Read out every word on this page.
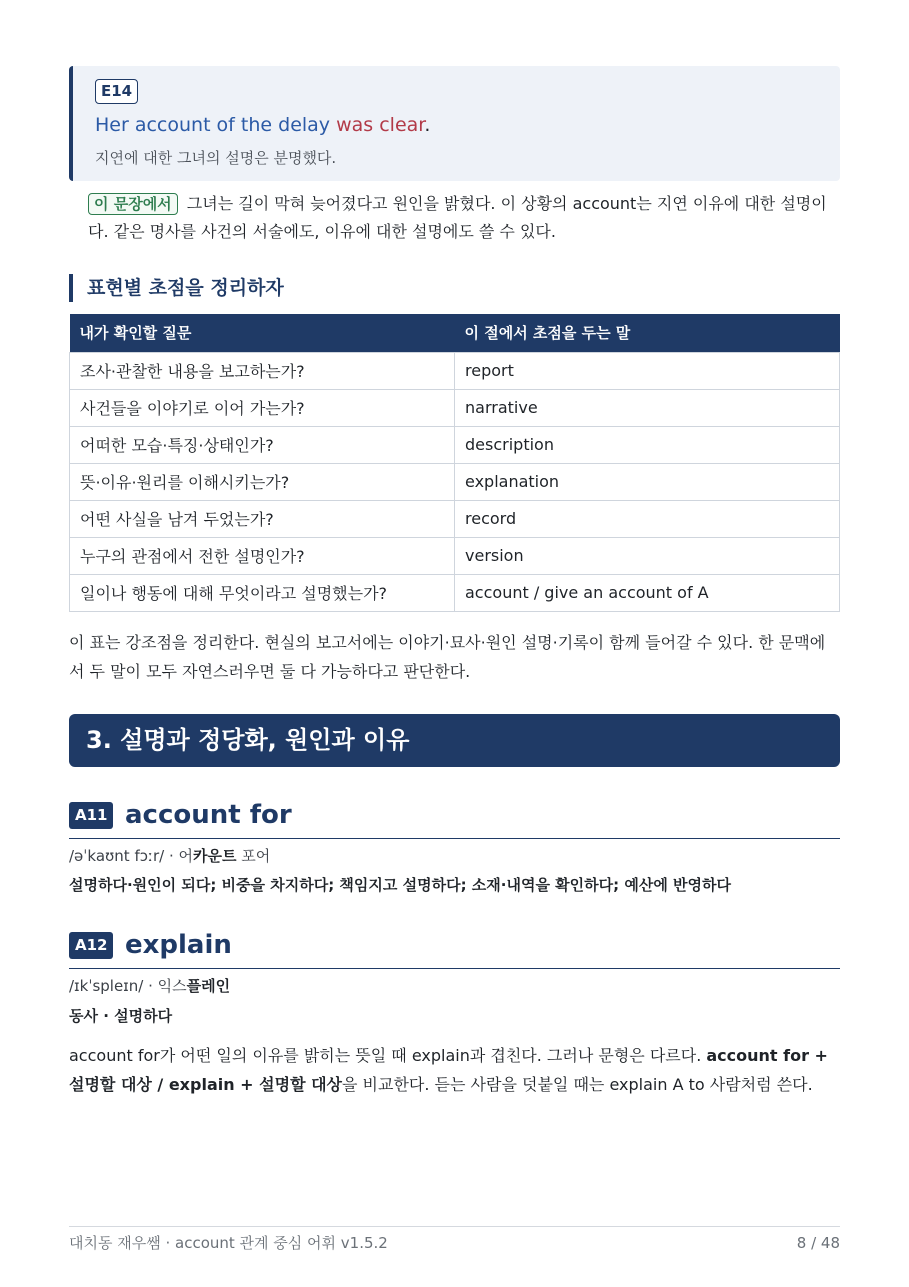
E14
Her account of the delay was clear.
지연에 대한 그녀의 설명은 분명했다.
이 문장에서 그녀는 길이 막혀 늦어졌다고 원인을 밝혔다. 이 상황의 account는 지연 이유에 대한 설명이다. 같은 명사를 사건의 서술에도, 이유에 대한 설명에도 쓸 수 있다.
표현별 초점을 정리하자
내가 확인할 질문	이 절에서 초점을 두는 말
조사·관찰한 내용을 보고하는가?	report
사건들을 이야기로 이어 가는가?	narrative
어떠한 모습·특징·상태인가?	description
뜻·이유·원리를 이해시키는가?	explanation
어떤 사실을 남겨 두었는가?	record
누구의 관점에서 전한 설명인가?	version
일이나 행동에 대해 무엇이라고 설명했는가?	account / give an account of A
이 표는 강조점을 정리한다. 현실의 보고서에는 이야기·묘사·원인 설명·기록이 함께 들어갈 수 있다. 한 문맥에서 두 말이 모두 자연스러우면 둘 다 가능하다고 판단한다.
3. 설명과 정당화, 원인과 이유
A11 account for
/əˈkaʊnt fɔːr/ · 어카운트 포어
설명하다·원인이 되다; 비중을 차지하다; 책임지고 설명하다; 소재·내역을 확인하다; 예산에 반영하다
A12 explain
/ɪkˈspleɪn/ · 익스플레인
동사 · 설명하다
account for가 어떤 일의 이유를 밝히는 뜻일 때 explain과 겹친다. 그러나 문형은 다르다. account for + 설명할 대상 / explain + 설명할 대상을 비교한다. 듣는 사람을 덧붙일 때는 explain A to 사람처럼 쓴다.
대치동 재우쌤 · account 관계 중심 어휘 v1.5.2	8 / 48
